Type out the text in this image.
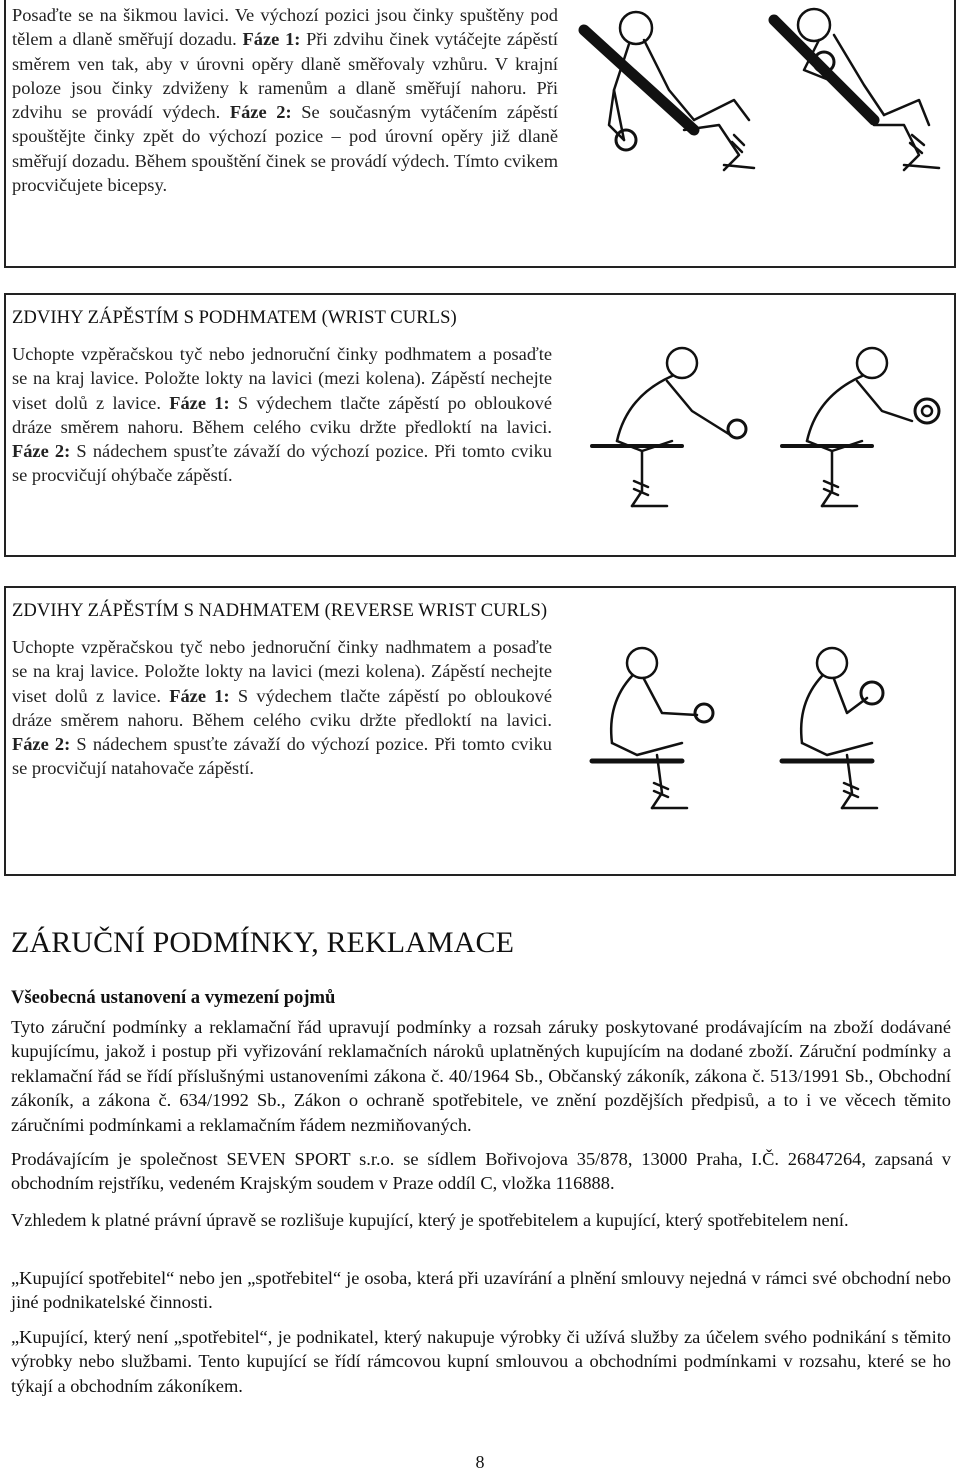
Posaďte se na šikmou lavici. Ve výchozí pozici jsou činky spuštěny pod tělem a dlaně směřují dozadu. Fáze 1: Při zdvihu činek vytáčejte zápěstí směrem ven tak, aby v úrovni opěry dlaně směřovaly vzhůru. V krajní poloze jsou činky zdviženy k ramenům a dlaně směřují nahoru. Při zdvihu se provádí výdech. Fáze 2: Se současným vytáčením zápěstí spouštějte činky zpět do výchozí pozice – pod úrovní opěry již dlaně směřují dozadu. Během spouštění činek se provádí výdech. Tímto cvikem procvičujete bicepsy.
ZDVIHY ZÁPĚSTÍM S PODHMATEM (WRIST CURLS)
Uchopte vzpěračskou tyč nebo jednoruční činky podhmatem a posaďte se na kraj lavice. Položte lokty na lavici (mezi kolena). Zápěstí nechejte viset dolů z lavice. Fáze 1: S výdechem tlačte zápěstí po obloukové dráze směrem nahoru. Během celého cviku držte předloktí na lavici. Fáze 2: S nádechem spusťte závaží do výchozí pozice. Při tomto cviku se procvičují ohýbače zápěstí.
ZDVIHY ZÁPĚSTÍM S NADHMATEM (REVERSE WRIST CURLS)
Uchopte vzpěračskou tyč nebo jednoruční činky nadhmatem a posaďte se na kraj lavice. Položte lokty na lavici (mezi kolena). Zápěstí nechejte viset dolů z lavice. Fáze 1: S výdechem tlačte zápěstí po obloukové dráze směrem nahoru. Během celého cviku držte předloktí na lavici. Fáze 2: S nádechem spusťte závaží do výchozí pozice. Při tomto cviku se procvičují natahovače zápěstí.
ZÁRUČNÍ PODMÍNKY, REKLAMACE
Všeobecná ustanovení a vymezení pojmů
Tyto záruční podmínky a reklamační řád upravují podmínky a rozsah záruky poskytované prodávajícím na zboží dodávané kupujícímu, jakož i postup při vyřizování reklamačních nároků uplatněných kupujícím na dodané zboží. Záruční podmínky a reklamační řád se řídí příslušnými ustanoveními zákona č. 40/1964 Sb., Občanský zákoník, zákona č. 513/1991 Sb., Obchodní zákoník, a zákona č. 634/1992 Sb., Zákon o ochraně spotřebitele, ve znění pozdějších předpisů, a to i ve věcech těmito záručními podmínkami a reklamačním řádem nezmiňovaných.
Prodávajícím je společnost SEVEN SPORT s.r.o. se sídlem Bořivojova 35/878, 13000 Praha, I.Č. 26847264, zapsaná v obchodním rejstříku, vedeném Krajským soudem v Praze oddíl C, vložka 116888.
Vzhledem k platné právní úpravě se rozlišuje kupující, který je spotřebitelem a kupující, který spotřebitelem není.
„Kupující spotřebitel“ nebo jen „spotřebitel“ je osoba, která při uzavírání a plnění smlouvy nejedná v rámci své obchodní nebo jiné podnikatelské činnosti.
„Kupující, který není „spotřebitel“, je podnikatel, který nakupuje výrobky či užívá služby za účelem svého podnikání s těmito výrobky nebo službami. Tento kupující se řídí rámcovou kupní smlouvou a obchodními podmínkami v rozsahu, které se ho týkají a obchodním zákoníkem.
8
